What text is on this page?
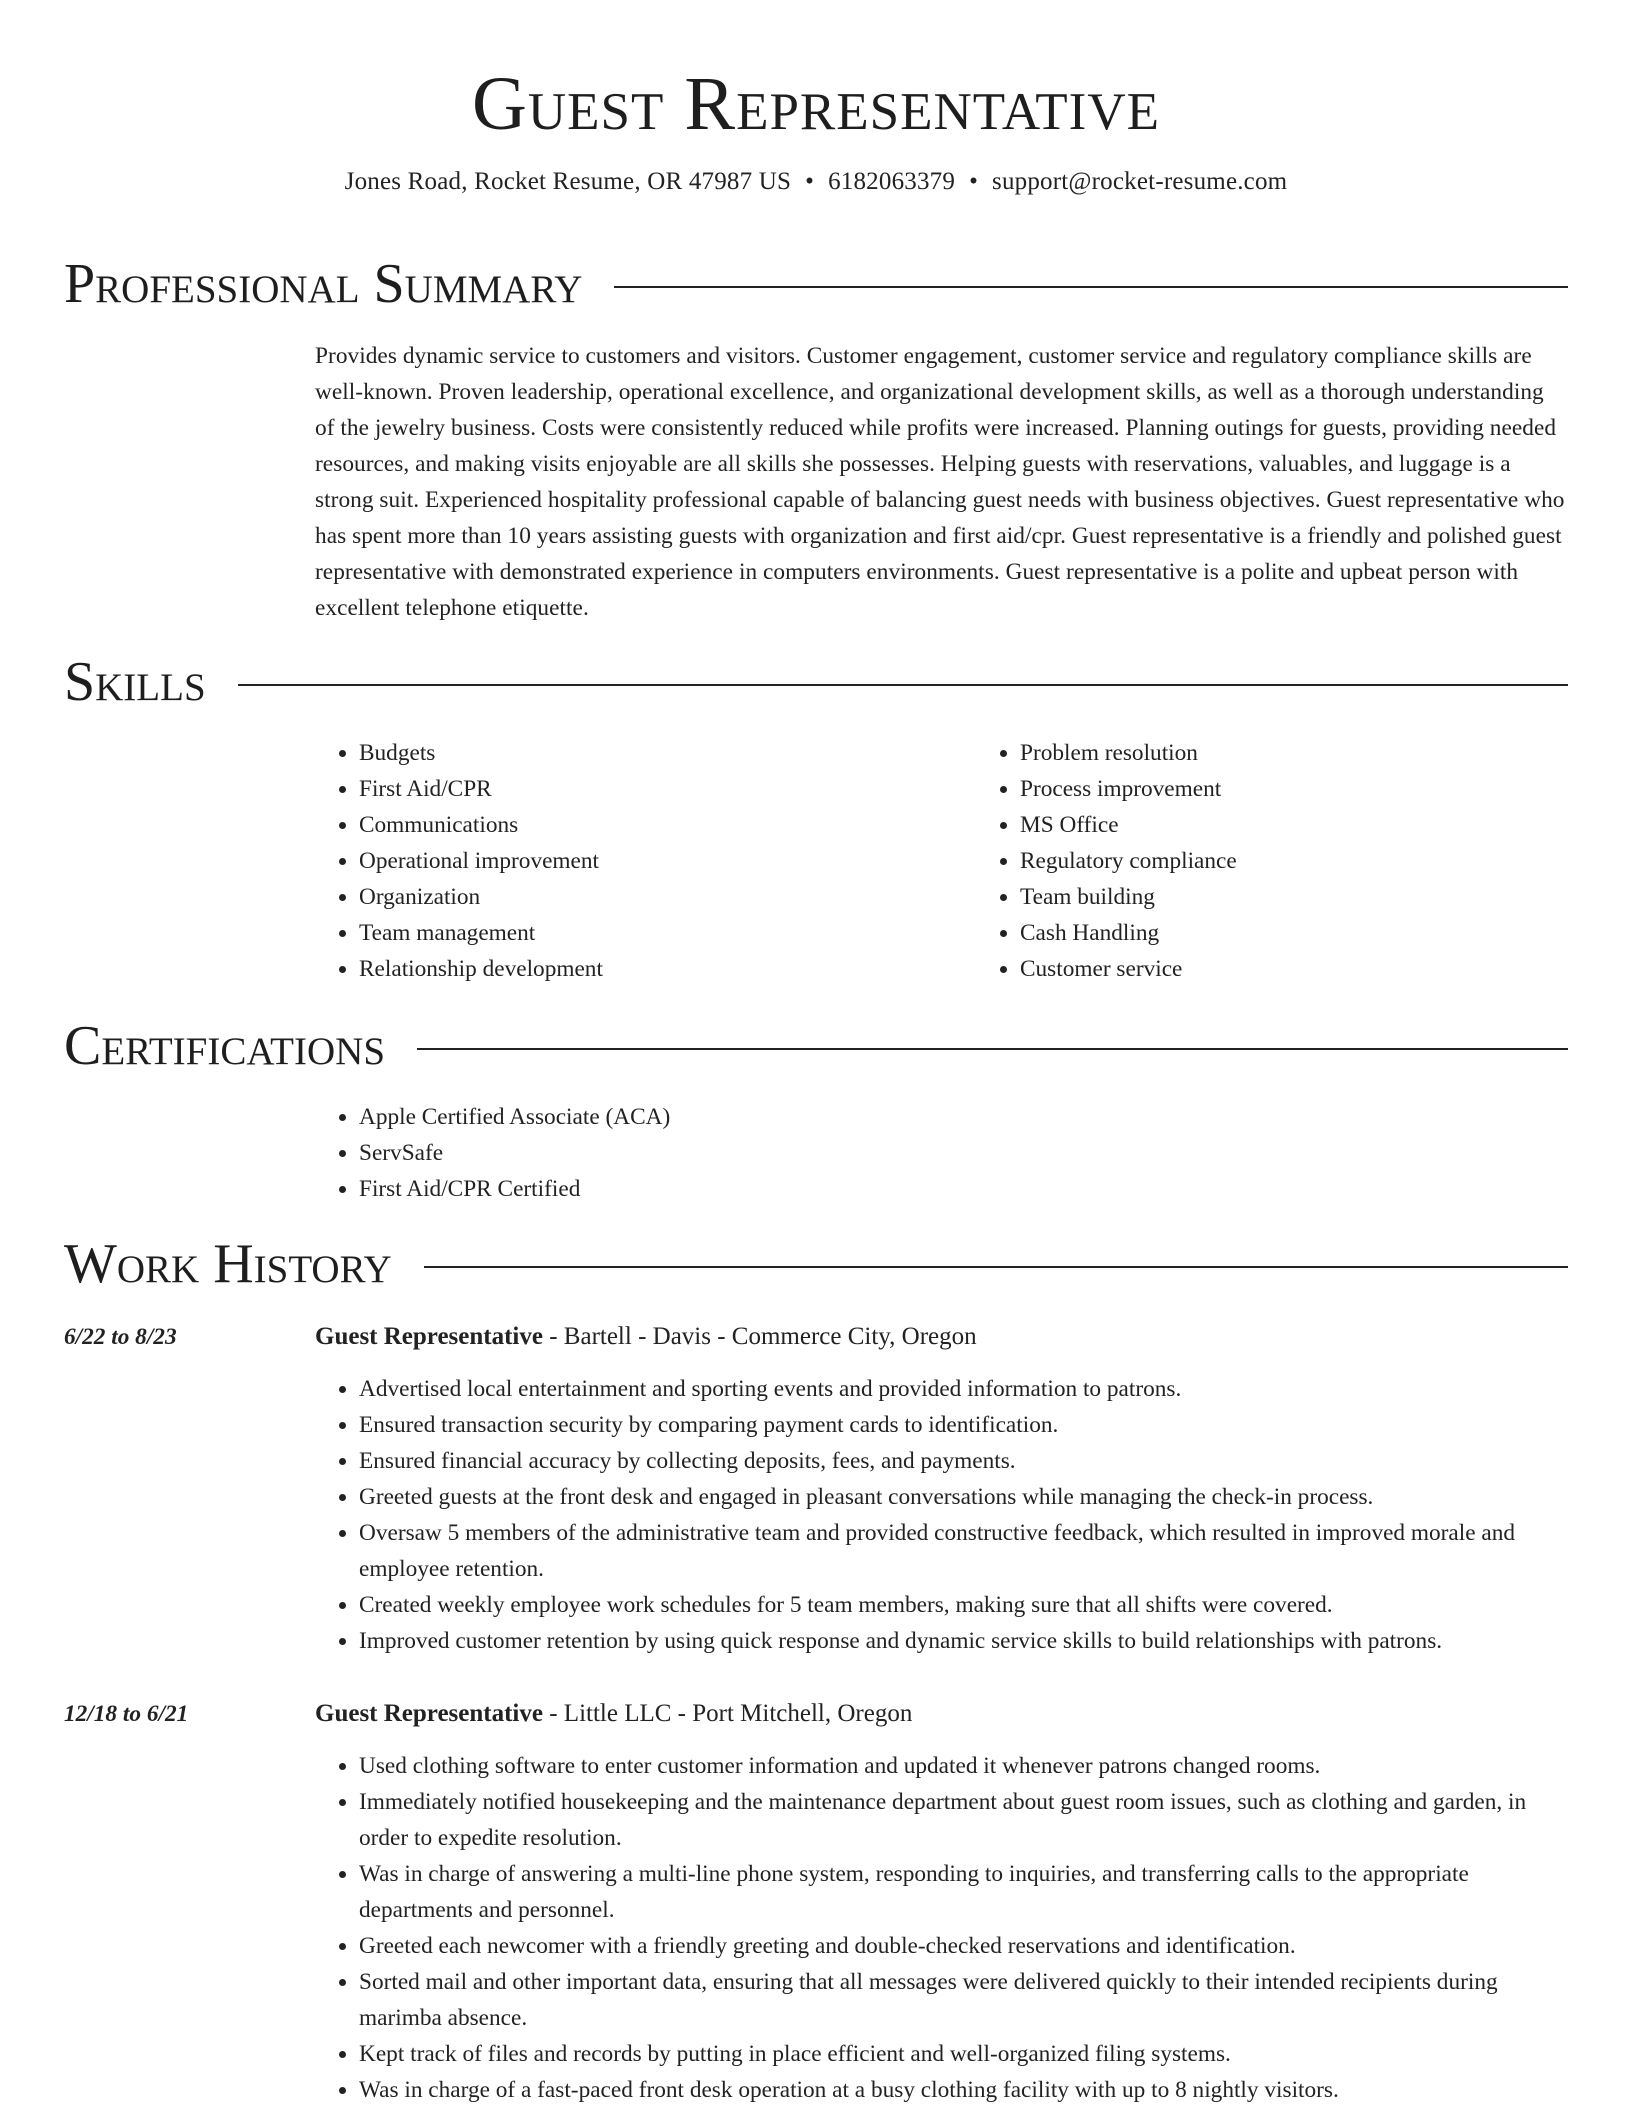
Guest Representative
Jones Road, Rocket Resume, OR 47987 US • 6182063379 • support@rocket-resume.com
Professional Summary

Provides dynamic service to customers and visitors. Customer engagement, customer service and regulatory compliance skills are well-known. Proven leadership, operational excellence, and organizational development skills, as well as a thorough understanding of the jewelry business. Costs were consistently reduced while profits were increased. Planning outings for guests, providing needed resources, and making visits enjoyable are all skills she possesses. Helping guests with reservations, valuables, and luggage is a strong suit. Experienced hospitality professional capable of balancing guest needs with business objectives. Guest representative who has spent more than 10 years assisting guests with organization and first aid/cpr. Guest representative is a friendly and polished guest representative with demonstrated experience in computers environments. Guest representative is a polite and upbeat person with excellent telephone etiquette.

Skills
• Budgets
• First Aid/CPR
• Communications
• Operational improvement
• Organization
• Team management
• Relationship development
• Problem resolution
• Process improvement
• MS Office
• Regulatory compliance
• Team building
• Cash Handling
• Customer service
Certifications
• Apple Certified Associate (ACA)
• ServSafe
• First Aid/CPR Certified
Work History
6/22 to 8/23	Guest Representative - Bartell - Davis - Commerce City, Oregon

• Advertised local entertainment and sporting events and provided information to patrons.
• Ensured transaction security by comparing payment cards to identification.
• Ensured financial accuracy by collecting deposits, fees, and payments.
• Greeted guests at the front desk and engaged in pleasant conversations while managing the check-in process.
• Oversaw 5 members of the administrative team and provided constructive feedback, which resulted in improved morale and employee retention.
• Created weekly employee work schedules for 5 team members, making sure that all shifts were covered.
• Improved customer retention by using quick response and dynamic service skills to build relationships with patrons.
12/18 to 6/21	Guest Representative - Little LLC - Port Mitchell, Oregon

• Used clothing software to enter customer information and updated it whenever patrons changed rooms.
• Immediately notified housekeeping and the maintenance department about guest room issues, such as clothing and garden, in order to expedite resolution.
• Was in charge of answering a multi-line phone system, responding to inquiries, and transferring calls to the appropriate departments and personnel.
• Greeted each newcomer with a friendly greeting and double-checked reservations and identification.
• Sorted mail and other important data, ensuring that all messages were delivered quickly to their intended recipients during marimba absence.
• Kept track of files and records by putting in place efficient and well-organized filing systems.
• Was in charge of a fast-paced front desk operation at a busy clothing facility with up to 8 nightly visitors.
